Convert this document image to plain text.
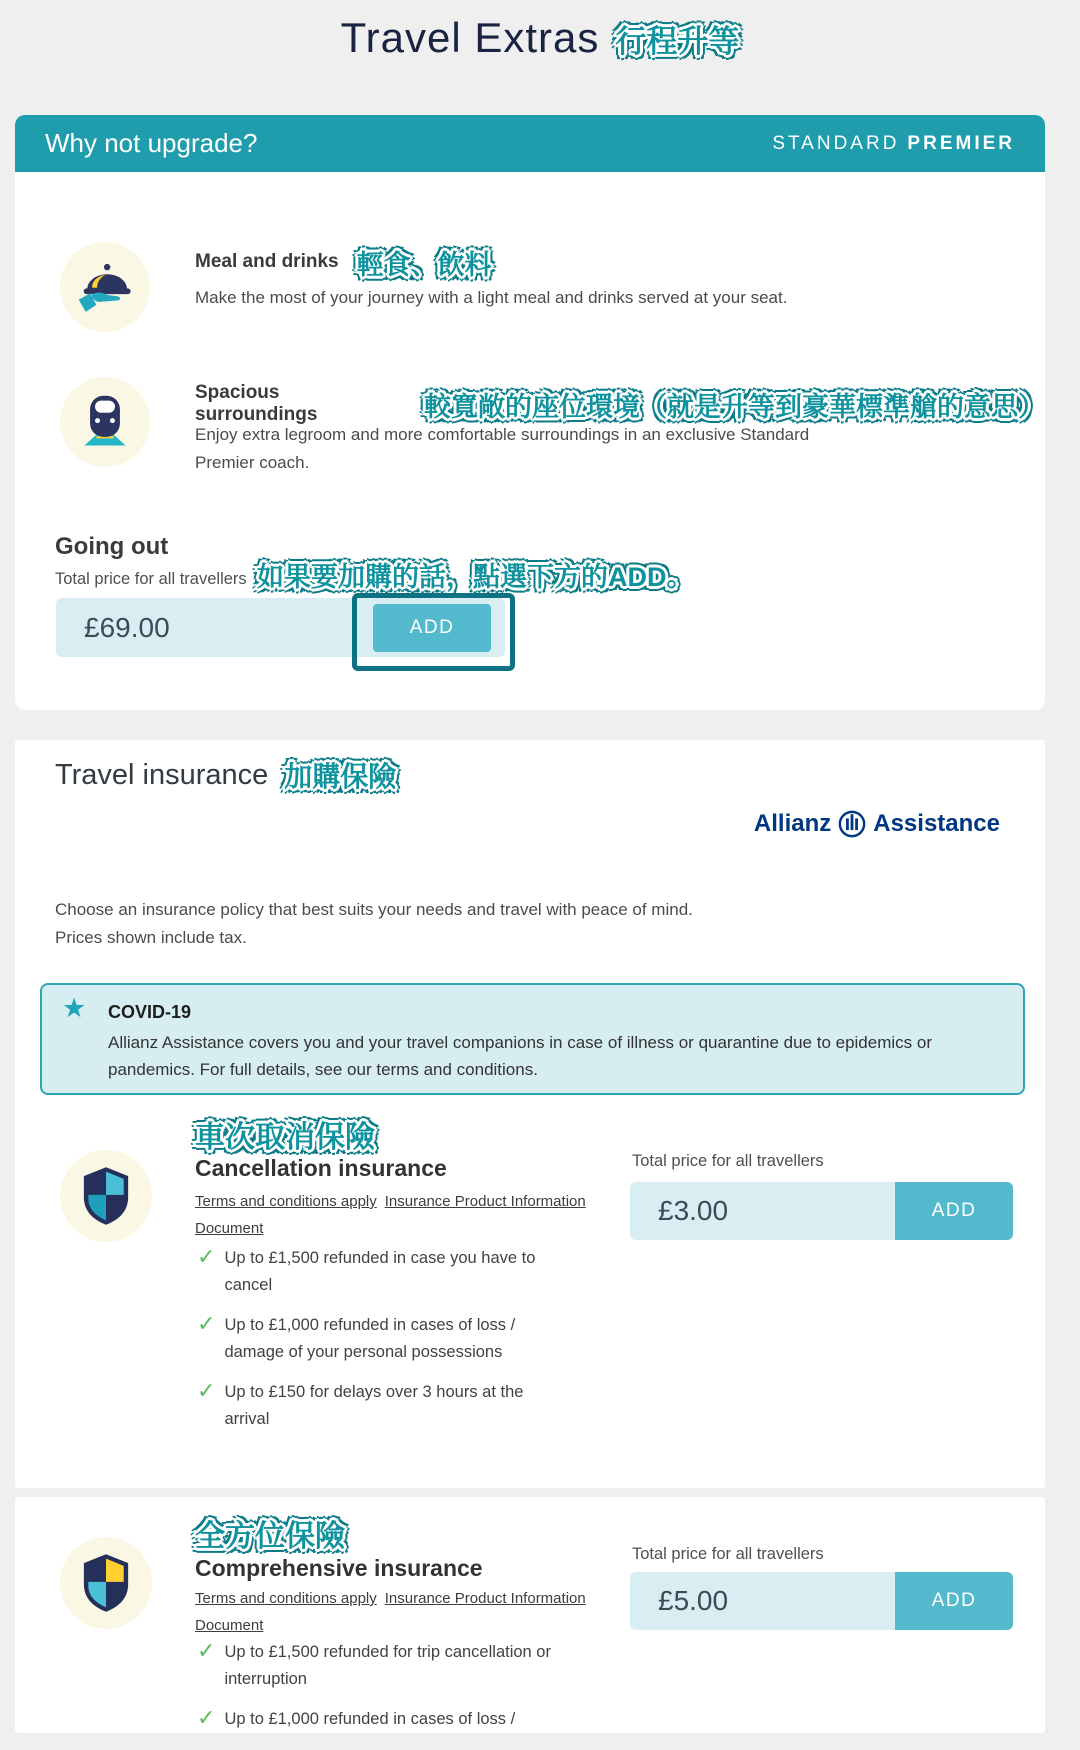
Travel Extras 行程升等
Why not upgrade?	STANDARD PREMIER
Meal and drinks 輕食、飲料
Make the most of your journey with a light meal and drinks served at your seat.
Spacious surroundings	較寬敞的座位環境（就是升等到豪華標準艙的意思）
Enjoy extra legroom and more comfortable surroundings in an exclusive Standard Premier coach.
Going out
Total price for all travellers 如果要加購的話，點選下方的ADD。
£69.00	ADD
Travel insurance 加購保險
Allianz Assistance
Choose an insurance policy that best suits your needs and travel with peace of mind.
Prices shown include tax.
★ COVID-19
Allianz Assistance covers you and your travel companions in case of illness or quarantine due to epidemics or pandemics. For full details, see our terms and conditions.
車次取消保險
Cancellation insurance
Terms and conditions apply Insurance Product Information Document
✓ Up to £1,500 refunded in case you have to cancel
✓ Up to £1,000 refunded in cases of loss / damage of your personal possessions
✓ Up to £150 for delays over 3 hours at the arrival
Total price for all travellers
£3.00	ADD
全方位保險
Comprehensive insurance
Terms and conditions apply Insurance Product Information Document
✓ Up to £1,500 refunded for trip cancellation or interruption
✓ Up to £1,000 refunded in cases of loss /
Total price for all travellers
£5.00	ADD
